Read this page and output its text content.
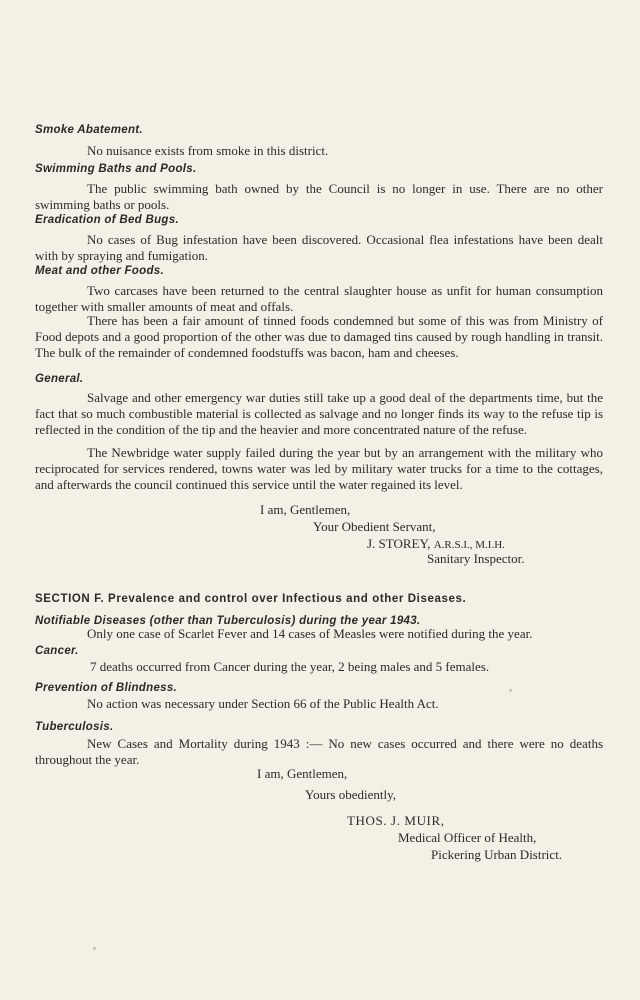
Smoke Abatement.
No nuisance exists from smoke in this district.
Swimming Baths and Pools.
The public swimming bath owned by the Council is no longer in use. There are no other swimming baths or pools.
Eradication of Bed Bugs.
No cases of Bug infestation have been discovered. Occasional flea infestations have been dealt with by spraying and fumigation.
Meat and other Foods.
Two carcases have been returned to the central slaughter house as unfit for human consumption together with smaller amounts of meat and offals.
There has been a fair amount of tinned foods condemned but some of this was from Ministry of Food depots and a good proportion of the other was due to damaged tins caused by rough handling in transit. The bulk of the remainder of condemned foodstuffs was bacon, ham and cheeses.
General.
Salvage and other emergency war duties still take up a good deal of the departments time, but the fact that so much combustible material is collected as salvage and no longer finds its way to the refuse tip is reflected in the condition of the tip and the heavier and more concentrated nature of the refuse.
The Newbridge water supply failed during the year but by an arrangement with the military who reciprocated for services rendered, towns water was led by military water trucks for a time to the cottages, and afterwards the council continued this service until the water regained its level.
I am, Gentlemen,
Your Obedient Servant,
J. STOREY, A.R.S.I., M.I.H.
Sanitary Inspector.
SECTION F. Prevalence and control over Infectious and other Diseases.
Notifiable Diseases (other than Tuberculosis) during the year 1943.
Only one case of Scarlet Fever and 14 cases of Measles were notified during the year.
Cancer.
7 deaths occurred from Cancer during the year, 2 being males and 5 females.
Prevention of Blindness.
No action was necessary under Section 66 of the Public Health Act.
Tuberculosis.
New Cases and Mortality during 1943 :— No new cases occurred and there were no deaths throughout the year.
I am, Gentlemen,
Yours obediently,
THOS. J. MUIR,
Medical Officer of Health,
Pickering Urban District.
